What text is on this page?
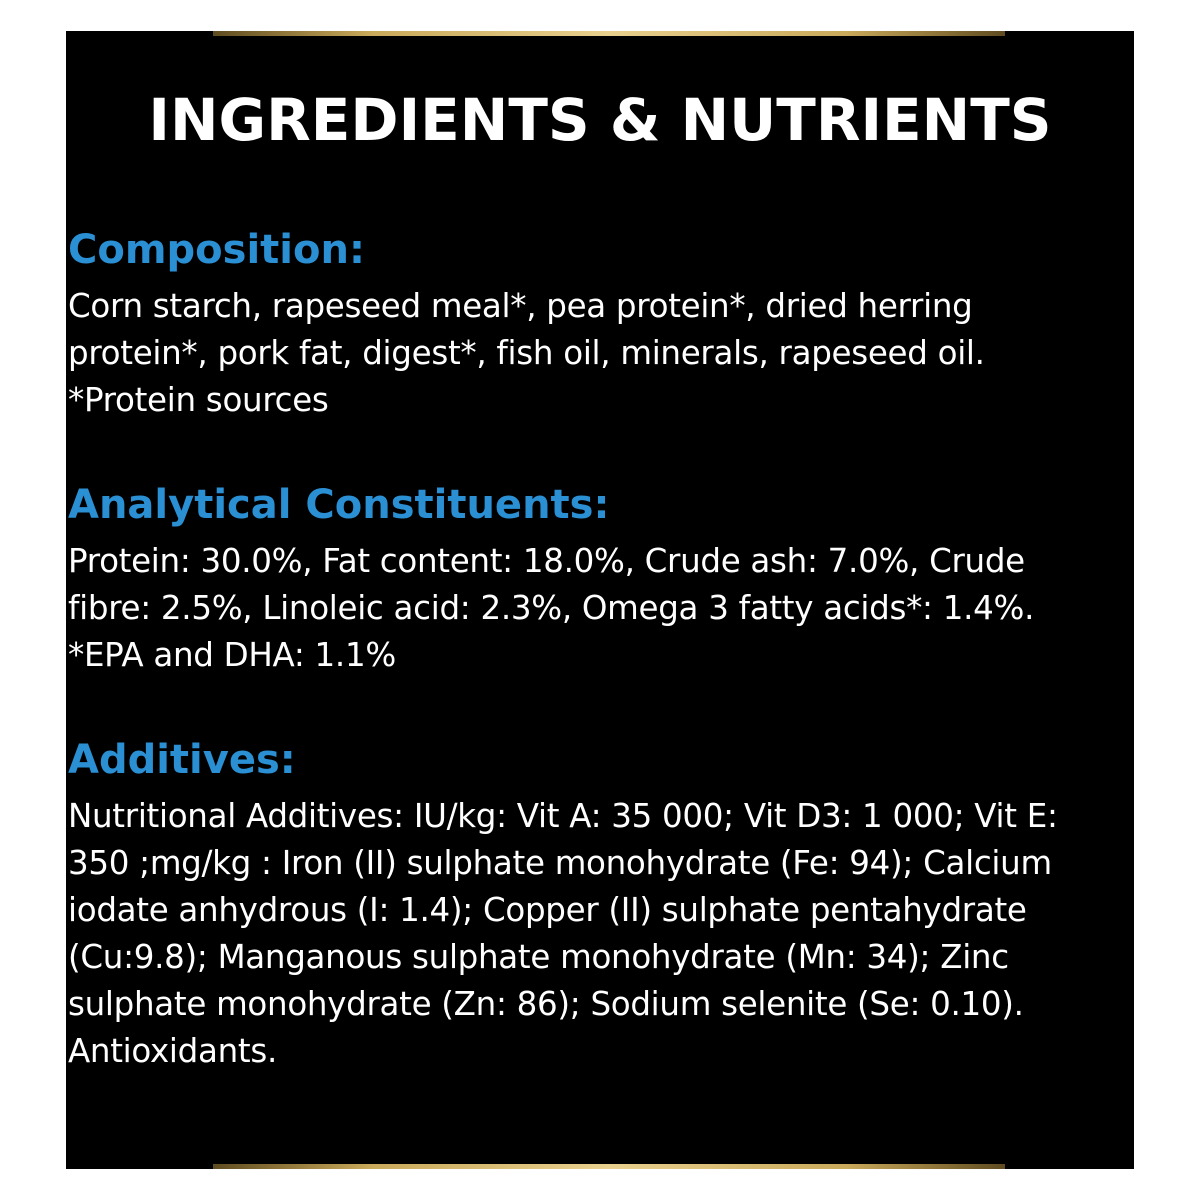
INGREDIENTS & NUTRIENTS
Composition:

Corn starch, rapeseed meal*, pea protein*, dried herring
protein*, pork fat, digest*, fish oil, minerals, rapeseed oil.
*Protein sources

Analytical Constituents:

Protein: 30.0%, Fat content: 18.0%, Crude ash: 7.0%, Crude
fibre: 2.5%, Linoleic acid: 2.3%, Omega 3 fatty acids*: 1.4%.
*EPA and DHA: 1.1%

Additives:

Nutritional Additives: IU/kg: Vit A: 35 000; Vit D3: 1 000; Vit E:
350 ;mg/kg : Iron (II) sulphate monohydrate (Fe: 94); Calcium
iodate anhydrous (I: 1.4); Copper (II) sulphate pentahydrate
(Cu:9.8); Manganous sulphate monohydrate (Mn: 34); Zinc
sulphate monohydrate (Zn: 86); Sodium selenite (Se: 0.10).
Antioxidants.
